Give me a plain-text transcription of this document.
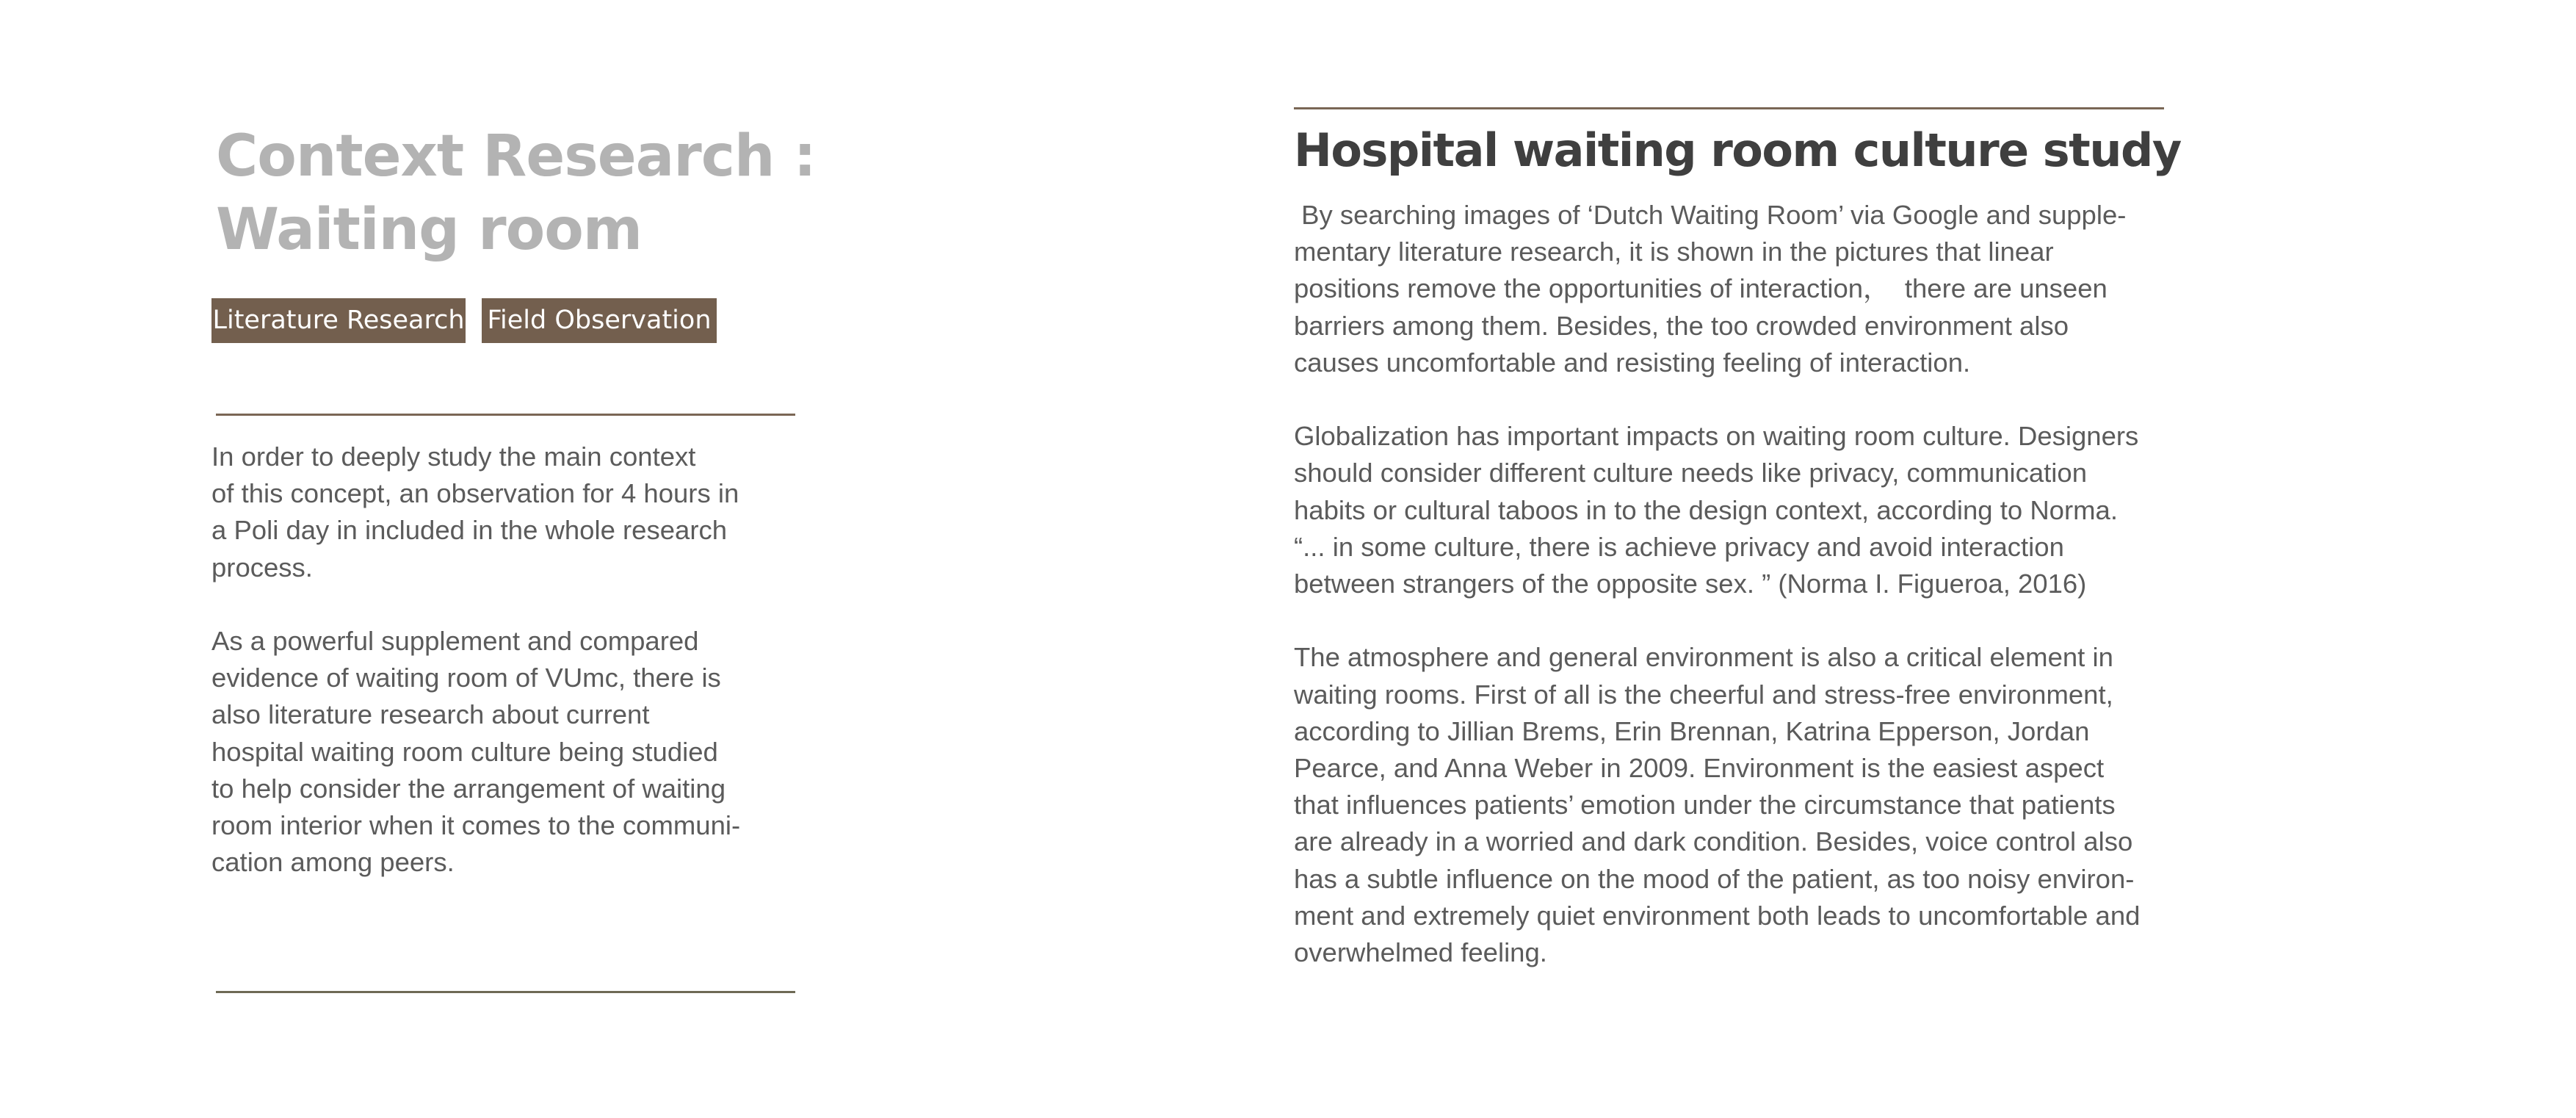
Context Research :
Waiting room
Literature Research Field Observation

In order to deeply study the main context
of this concept, an observation for 4 hours in
a Poli day in included in the whole research
process.

As a powerful supplement and compared
evidence of waiting room of VUmc, there is
also literature research about current
hospital waiting room culture being studied
to help consider the arrangement of waiting
room interior when it comes to the communi-
cation among peers.

Hospital waiting room culture study

By searching images of ‘Dutch Waiting Room’ via Google and supple-
mentary literature research, it is shown in the pictures that linear
positions remove the opportunities of interaction，  there are unseen
barriers among them. Besides, the too crowded environment also
causes uncomfortable and resisting feeling of interaction.

Globalization has important impacts on waiting room culture. Designers
should consider different culture needs like privacy, communication
habits or cultural taboos in to the design context, according to Norma.
“... in some culture, there is achieve privacy and avoid interaction
between strangers of the opposite sex. ” (Norma I. Figueroa, 2016)

The atmosphere and general environment is also a critical element in
waiting rooms. First of all is the cheerful and stress-free environment,
according to Jillian Brems, Erin Brennan, Katrina Epperson, Jordan
Pearce, and Anna Weber in 2009. Environment is the easiest aspect
that influences patients’ emotion under the circumstance that patients
are already in a worried and dark condition. Besides, voice control also
has a subtle influence on the mood of the patient, as too noisy environ-
ment and extremely quiet environment both leads to uncomfortable and
overwhelmed feeling.
